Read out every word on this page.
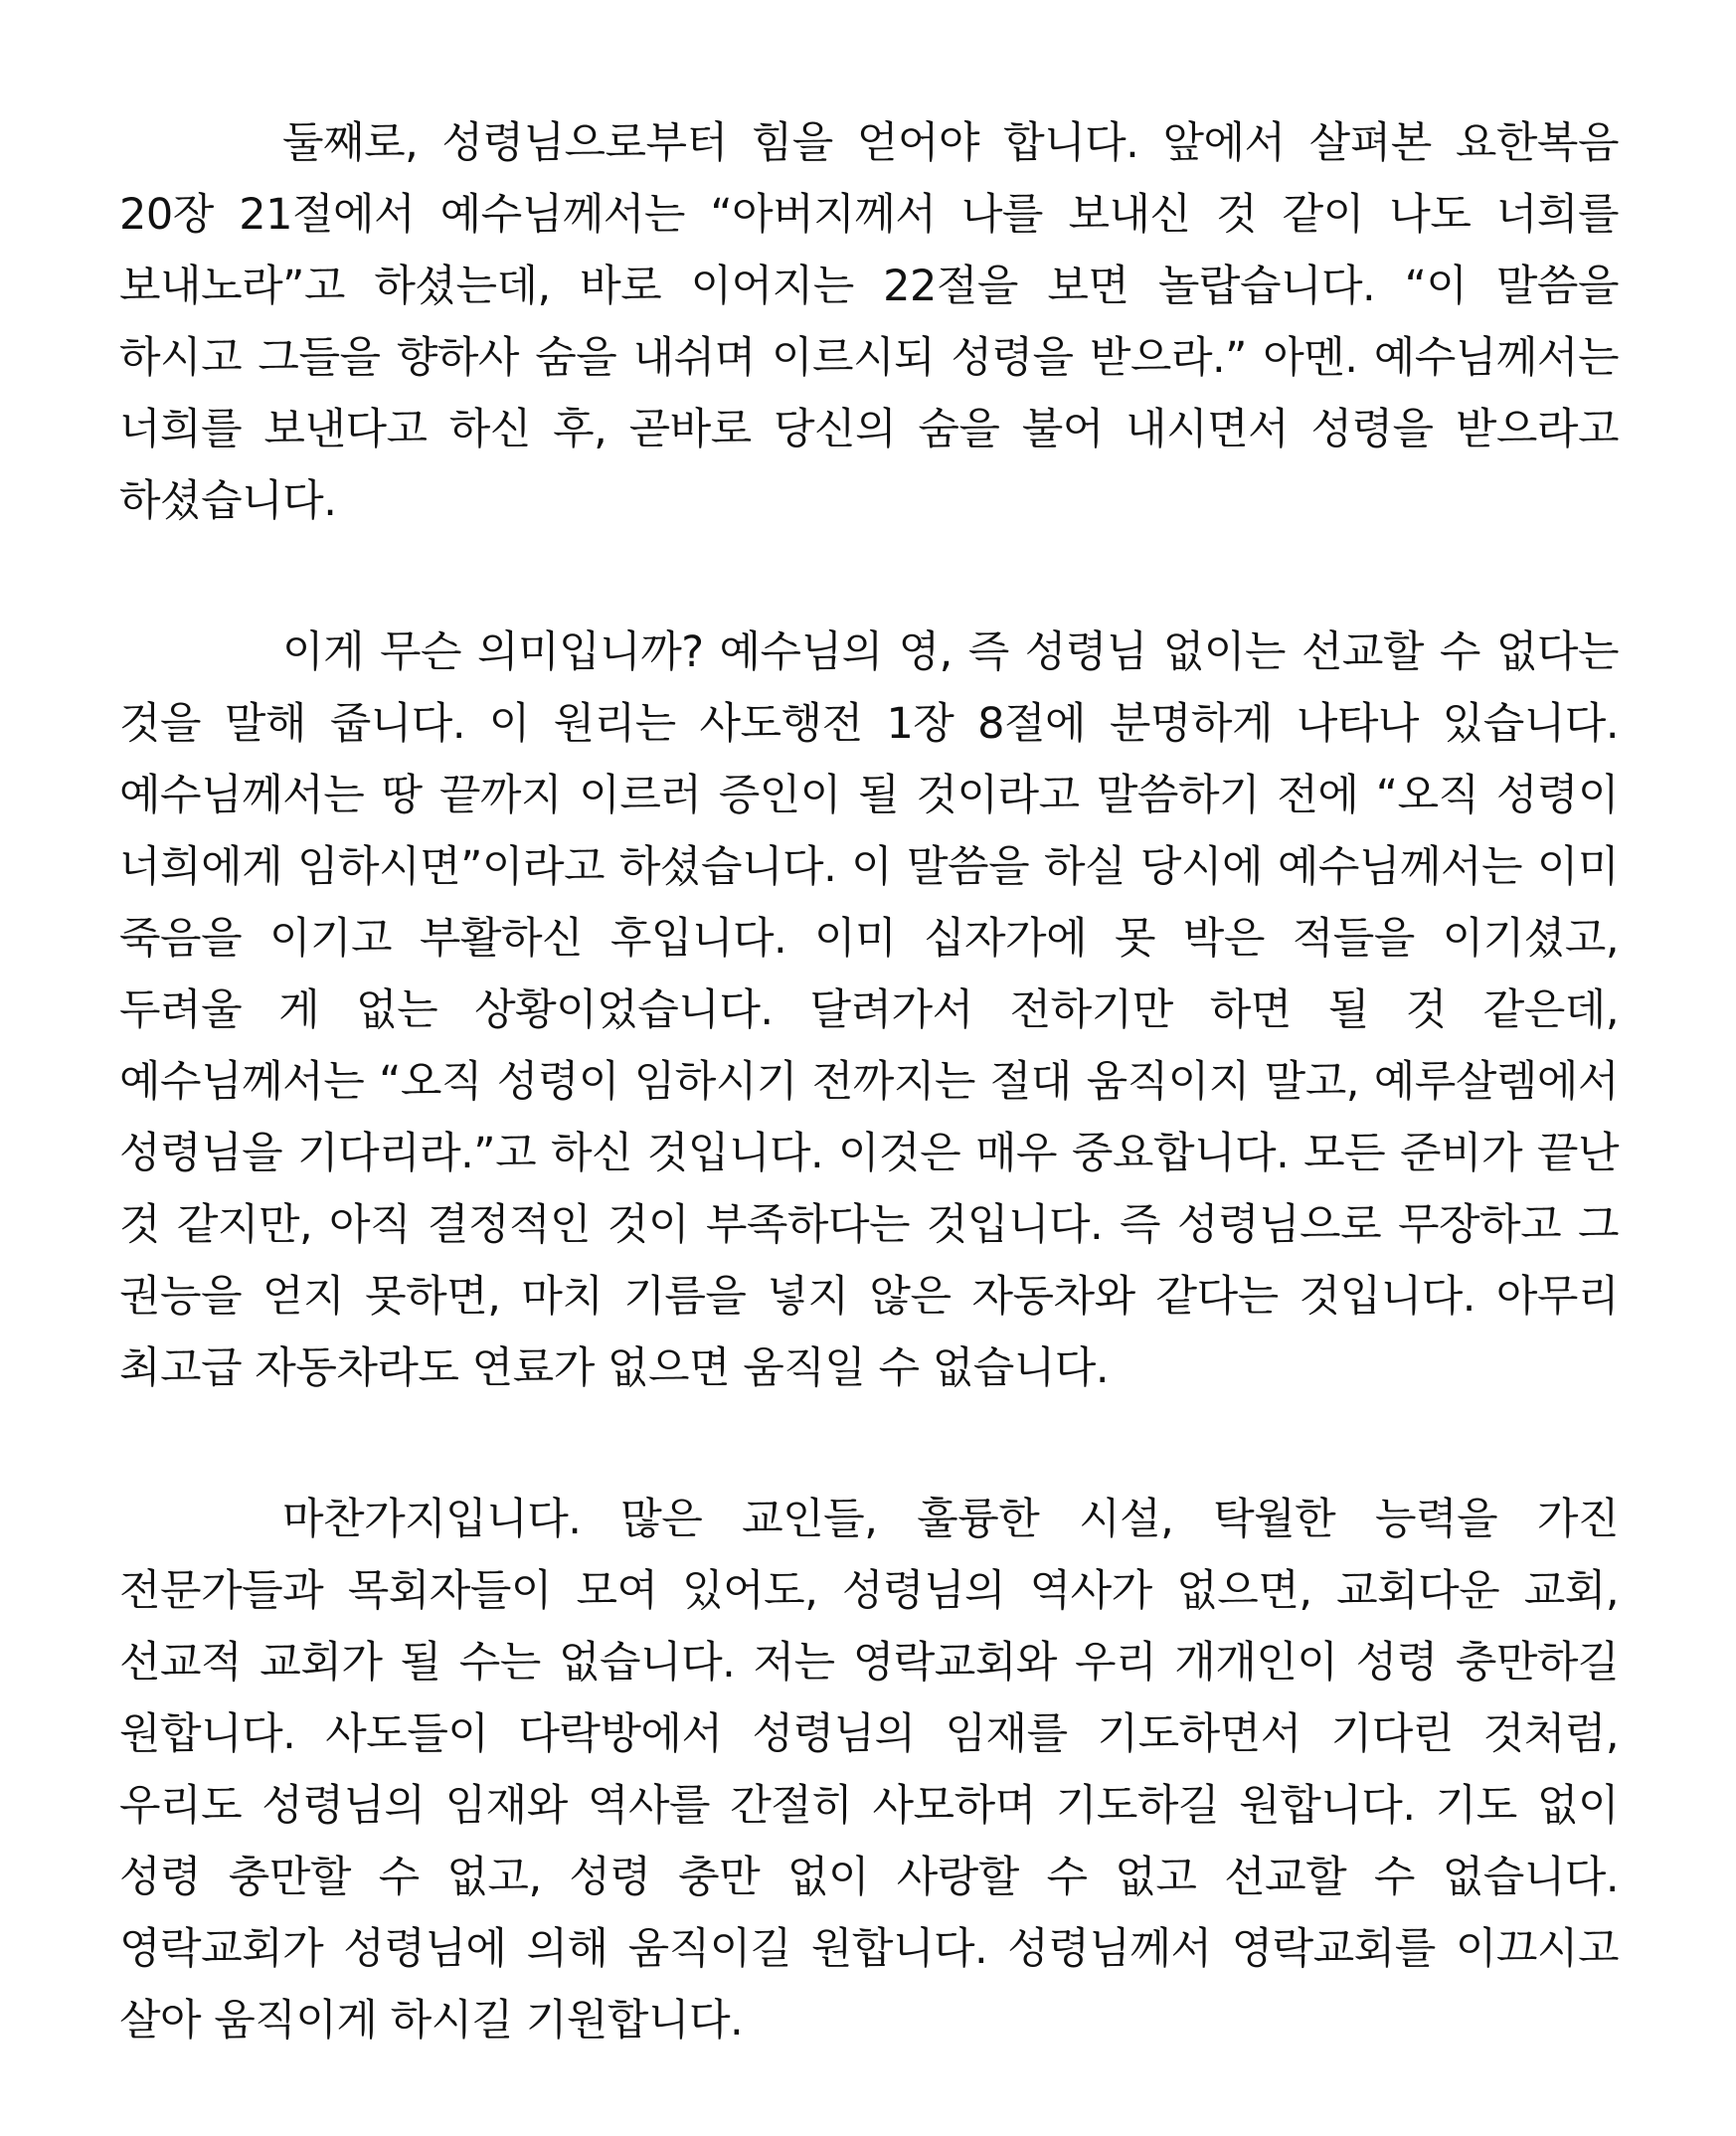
둘째로, 성령님으로부터 힘을 얻어야 합니다. 앞에서 살펴본 요한복음 20장 21절에서 예수님께서는 “아버지께서 나를 보내신 것 같이 나도 너희를 보내노라”고 하셨는데, 바로 이어지는 22절을 보면 놀랍습니다. “이 말씀을 하시고 그들을 향하사 숨을 내쉬며 이르시되 성령을 받으라.” 아멘. 예수님께서는 너희를 보낸다고 하신 후, 곧바로 당신의 숨을 불어 내시면서 성령을 받으라고 하셨습니다.

이게 무슨 의미입니까? 예수님의 영, 즉 성령님 없이는 선교할 수 없다는 것을 말해 줍니다. 이 원리는 사도행전 1장 8절에 분명하게 나타나 있습니다. 예수님께서는 땅 끝까지 이르러 증인이 될 것이라고 말씀하기 전에 “오직 성령이 너희에게 임하시면”이라고 하셨습니다. 이 말씀을 하실 당시에 예수님께서는 이미 죽음을 이기고 부활하신 후입니다. 이미 십자가에 못 박은 적들을 이기셨고, 두려울 게 없는 상황이었습니다. 달려가서 전하기만 하면 될 것 같은데, 예수님께서는 “오직 성령이 임하시기 전까지는 절대 움직이지 말고, 예루살렘에서 성령님을 기다리라.”고 하신 것입니다. 이것은 매우 중요합니다. 모든 준비가 끝난 것 같지만, 아직 결정적인 것이 부족하다는 것입니다. 즉 성령님으로 무장하고 그 권능을 얻지 못하면, 마치 기름을 넣지 않은 자동차와 같다는 것입니다. 아무리 최고급 자동차라도 연료가 없으면 움직일 수 없습니다.

마찬가지입니다. 많은 교인들, 훌륭한 시설, 탁월한 능력을 가진 전문가들과 목회자들이 모여 있어도, 성령님의 역사가 없으면, 교회다운 교회, 선교적 교회가 될 수는 없습니다. 저는 영락교회와 우리 개개인이 성령 충만하길 원합니다. 사도들이 다락방에서 성령님의 임재를 기도하면서 기다린 것처럼, 우리도 성령님의 임재와 역사를 간절히 사모하며 기도하길 원합니다. 기도 없이 성령 충만할 수 없고, 성령 충만 없이 사랑할 수 없고 선교할 수 없습니다. 영락교회가 성령님에 의해 움직이길 원합니다. 성령님께서 영락교회를 이끄시고 살아 움직이게 하시길 기원합니다.
